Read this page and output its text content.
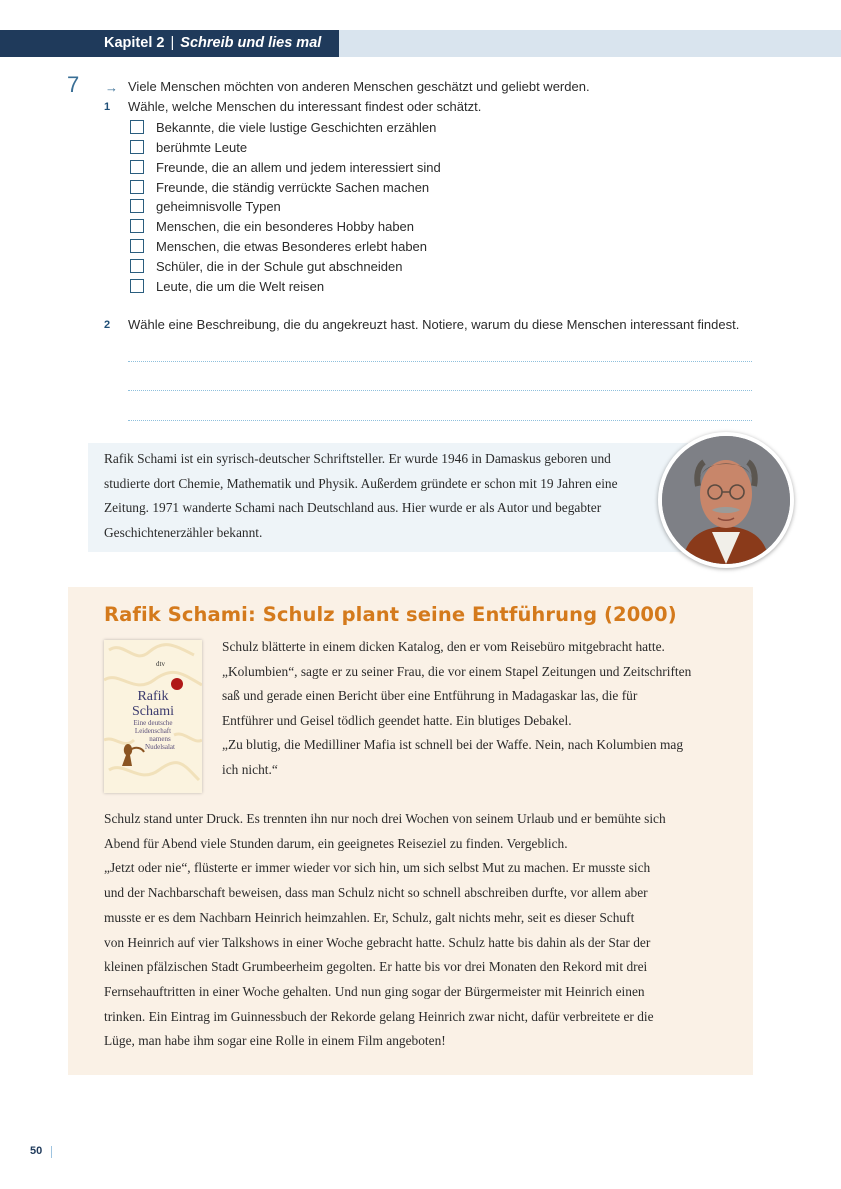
Kapitel 2 | Schreib und lies mal
7 → Viele Menschen möchten von anderen Menschen geschätzt und geliebt werden.
1 Wähle, welche Menschen du interessant findest oder schätzt.
Bekannte, die viele lustige Geschichten erzählen
berühmte Leute
Freunde, die an allem und jedem interessiert sind
Freunde, die ständig verrückte Sachen machen
geheimnisvolle Typen
Menschen, die ein besonderes Hobby haben
Menschen, die etwas Besonderes erlebt haben
Schüler, die in der Schule gut abschneiden
Leute, die um die Welt reisen
2 Wähle eine Beschreibung, die du angekreuzt hast. Notiere, warum du diese Menschen interessant findest.
Rafik Schami ist ein syrisch-deutscher Schriftsteller. Er wurde 1946 in Damaskus geboren und
studierte dort Chemie, Mathematik und Physik. Außerdem gründete er schon mit 19 Jahren eine
Zeitung. 1971 wanderte Schami nach Deutschland aus. Hier wurde er als Autor und begabter
Geschichtenerzähler bekannt.
Rafik Schami: Schulz plant seine Entführung (2000)
dtv
Rafik
Schami
Eine deutsche
Leidenschaft
namens
Nudelsalat
Schulz blätterte in einem dicken Katalog, den er vom Reisebüro mitgebracht hatte.
„Kolumbien“, sagte er zu seiner Frau, die vor einem Stapel Zeitungen und Zeitschriften
saß und gerade einen Bericht über eine Entführung in Madagaskar las, die für
Entführer und Geisel tödlich geendet hatte. Ein blutiges Debakel.
„Zu blutig, die Medilliner Mafia ist schnell bei der Waffe. Nein, nach Kolumbien mag
ich nicht.“
Schulz stand unter Druck. Es trennten ihn nur noch drei Wochen von seinem Urlaub und er bemühte sich
Abend für Abend viele Stunden darum, ein geeignetes Reiseziel zu finden. Vergeblich.
„Jetzt oder nie“, flüsterte er immer wieder vor sich hin, um sich selbst Mut zu machen. Er musste sich
und der Nachbarschaft beweisen, dass man Schulz nicht so schnell abschreiben durfte, vor allem aber
musste er es dem Nachbarn Heinrich heimzahlen. Er, Schulz, galt nichts mehr, seit es dieser Schuft
von Heinrich auf vier Talkshows in einer Woche gebracht hatte. Schulz hatte bis dahin als der Star der
kleinen pfälzischen Stadt Grumbeerheim gegolten. Er hatte bis vor drei Monaten den Rekord mit drei
Fernsehauftritten in einer Woche gehalten. Und nun ging sogar der Bürgermeister mit Heinrich einen
trinken. Ein Eintrag im Guinnessbuch der Rekorde gelang Heinrich zwar nicht, dafür verbreitete er die
Lüge, man habe ihm sogar eine Rolle in einem Film angeboten!
50
